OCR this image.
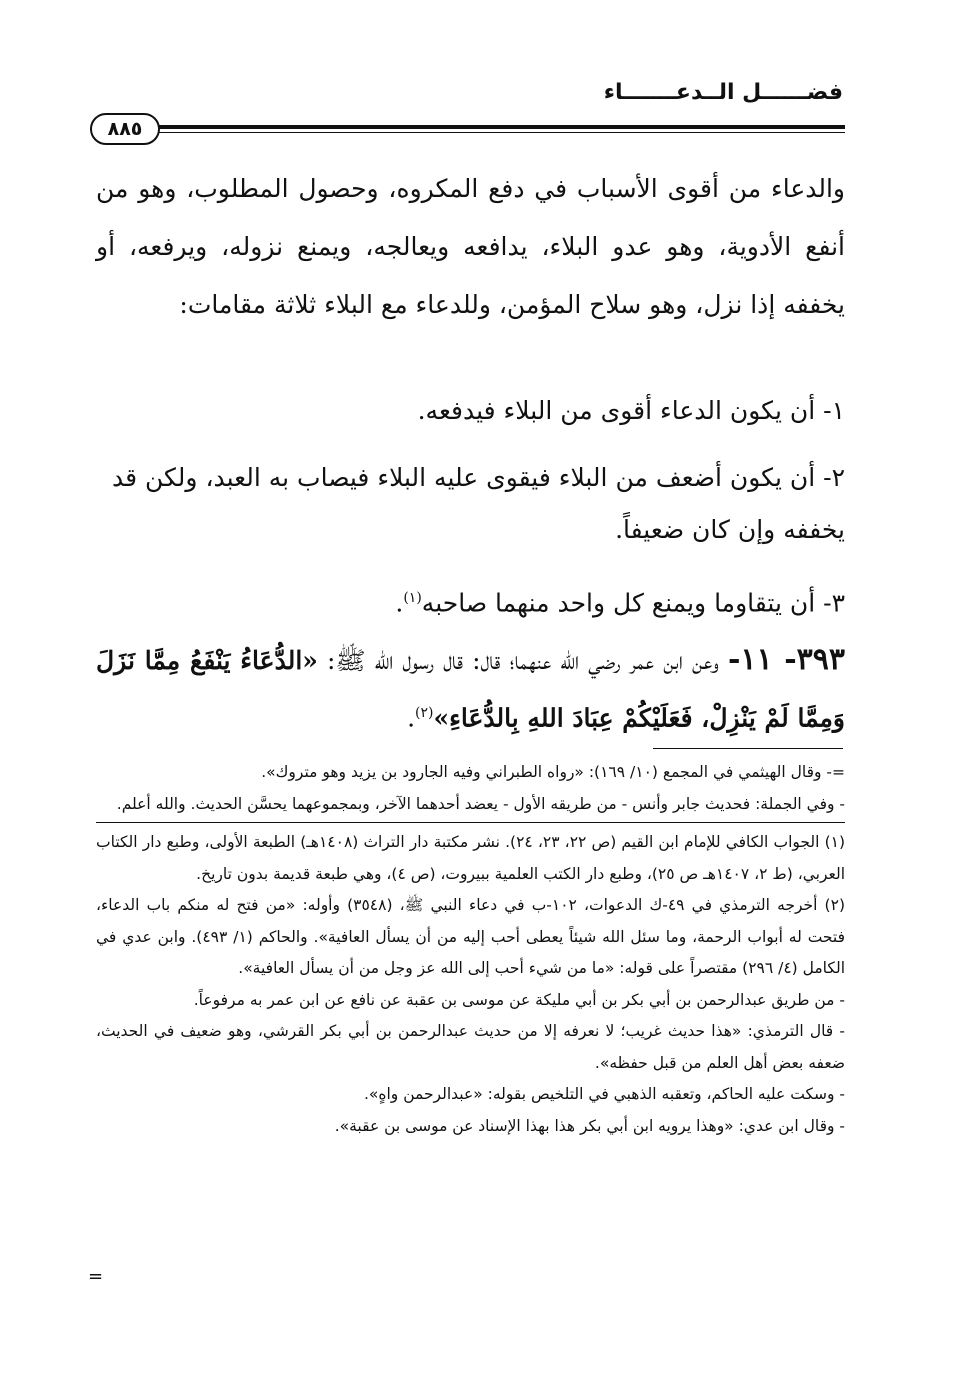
فضــــــل الــدعـــــــاء
٨٨٥
والدعاء من أقوى الأسباب في دفع المكروه، وحصول المطلوب، وهو من أنفع الأدوية، وهو عدو البلاء، يدافعه ويعالجه، ويمنع نزوله، ويرفعه، أو يخففه إذا نزل، وهو سلاح المؤمن، وللدعاء مع البلاء ثلاثة مقامات:
١- أن يكون الدعاء أقوى من البلاء فيدفعه.
٢- أن يكون أضعف من البلاء فيقوى عليه البلاء فيصاب به العبد، ولكن قد يخففه وإن كان ضعيفاً.
٣- أن يتقاوما ويمنع كل واحد منهما صاحبه$^{(١)}$.
٣٩٣- ١١- وعن ابن عمر رضي الله عنهما؛ قال: قال رسول الله ﷺ: «الدُّعَاءُ يَنْفَعُ مِمَّا نَزَلَ وَمِمَّا لَمْ يَنْزِلْ، فَعَلَيْكُمْ عِبَادَ اللهِ بِالدُّعَاءِ»$^{(٢)}$.

=- وقال الهيثمي في المجمع (١٠/ ١٦٩): «رواه الطبراني وفيه الجارود بن يزيد وهو متروك».

- وفي الجملة: فحديث جابر وأنس - من طريقه الأول - يعضد أحدهما الآخر، وبمجموعهما يحسَّن الحديث. والله أعلم.

(١) الجواب الكافي للإمام ابن القيم (ص ٢٢، ٢٣، ٢٤). نشر مكتبة دار التراث (١٤٠٨هـ) الطبعة الأولى، وطبع دار الكتاب العربي، (ط ٢، ١٤٠٧هـ ص ٢٥)، وطبع دار الكتب العلمية ببيروت، (ص ٤)، وهي طبعة قديمة بدون تاريخ.

(٢) أخرجه الترمذي في ٤٩-ك الدعوات، ١٠٢-ب في دعاء النبي ﷺ، (٣٥٤٨) وأوله: «من فتح له منكم باب الدعاء، فتحت له أبواب الرحمة، وما سئل الله شيئاً يعطى أحب إليه من أن يسأل العافية». والحاكم (١/ ٤٩٣). وابن عدي في الكامل (٤/ ٢٩٦) مقتصراً على قوله: «ما من شيء أحب إلى الله عز وجل من أن يسأل العافية».

- من طريق عبدالرحمن بن أبي بكر بن أبي مليكة عن موسى بن عقبة عن نافع عن ابن عمر به مرفوعاً.

- قال الترمذي: «هذا حديث غريب؛ لا نعرفه إلا من حديث عبدالرحمن بن أبي بكر القرشي، وهو ضعيف في الحديث، ضعفه بعض أهل العلم من قبل حفظه».

- وسكت عليه الحاكم، وتعقبه الذهبي في التلخيص بقوله: «عبدالرحمن واهٍ».

- وقال ابن عدي: «وهذا يرويه ابن أبي بكر هذا بهذا الإسناد عن موسى بن عقبة».

=
